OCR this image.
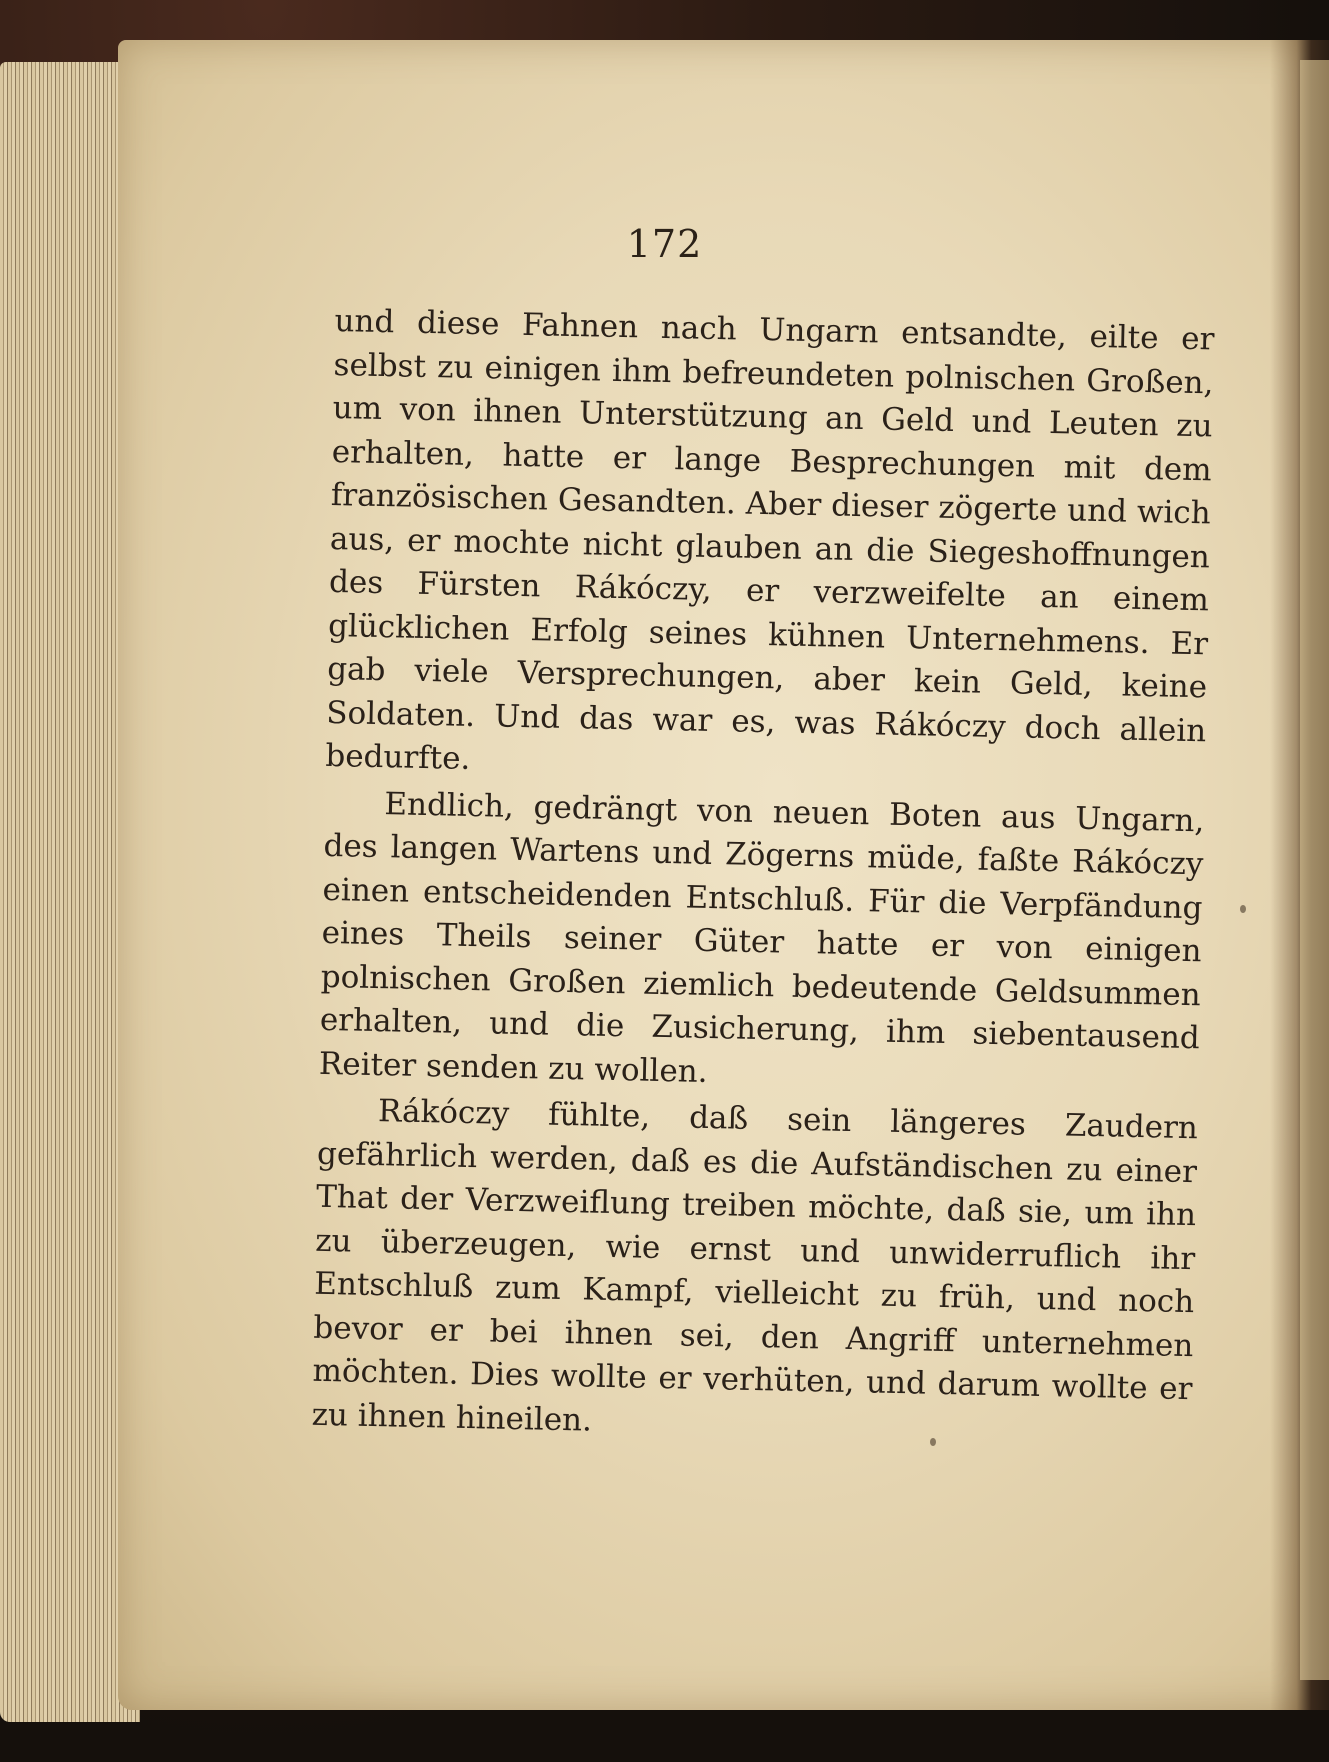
172

und diese Fahnen nach Ungarn entsandte, eilte er selbst zu einigen ihm befreundeten polnischen Großen, um von ihnen Unterstützung an Geld und Leuten zu erhalten, hatte er lange Besprechungen mit dem französischen Gesandten. Aber dieser zögerte und wich aus, er mochte nicht glauben an die Siegeshoffnungen des Fürsten Rákóczy, er verzweifelte an einem glücklichen Erfolg seines kühnen Unternehmens. Er gab viele Versprechungen, aber kein Geld, keine Soldaten. Und das war es, was Rákóczy doch allein bedurfte.

Endlich, gedrängt von neuen Boten aus Ungarn, des langen Wartens und Zögerns müde, faßte Rákóczy einen entscheidenden Entschluß. Für die Verpfändung eines Theils seiner Güter hatte er von einigen polnischen Großen ziemlich bedeutende Geldsummen erhalten, und die Zusicherung, ihm siebentausend Reiter senden zu wollen.

Rákóczy fühlte, daß sein längeres Zaudern gefährlich werden, daß es die Aufständischen zu einer That der Verzweiflung treiben möchte, daß sie, um ihn zu überzeugen, wie ernst und unwiderruflich ihr Entschluß zum Kampf, vielleicht zu früh, und noch bevor er bei ihnen sei, den Angriff unternehmen möchten. Dies wollte er verhüten, und darum wollte er zu ihnen hineilen.
